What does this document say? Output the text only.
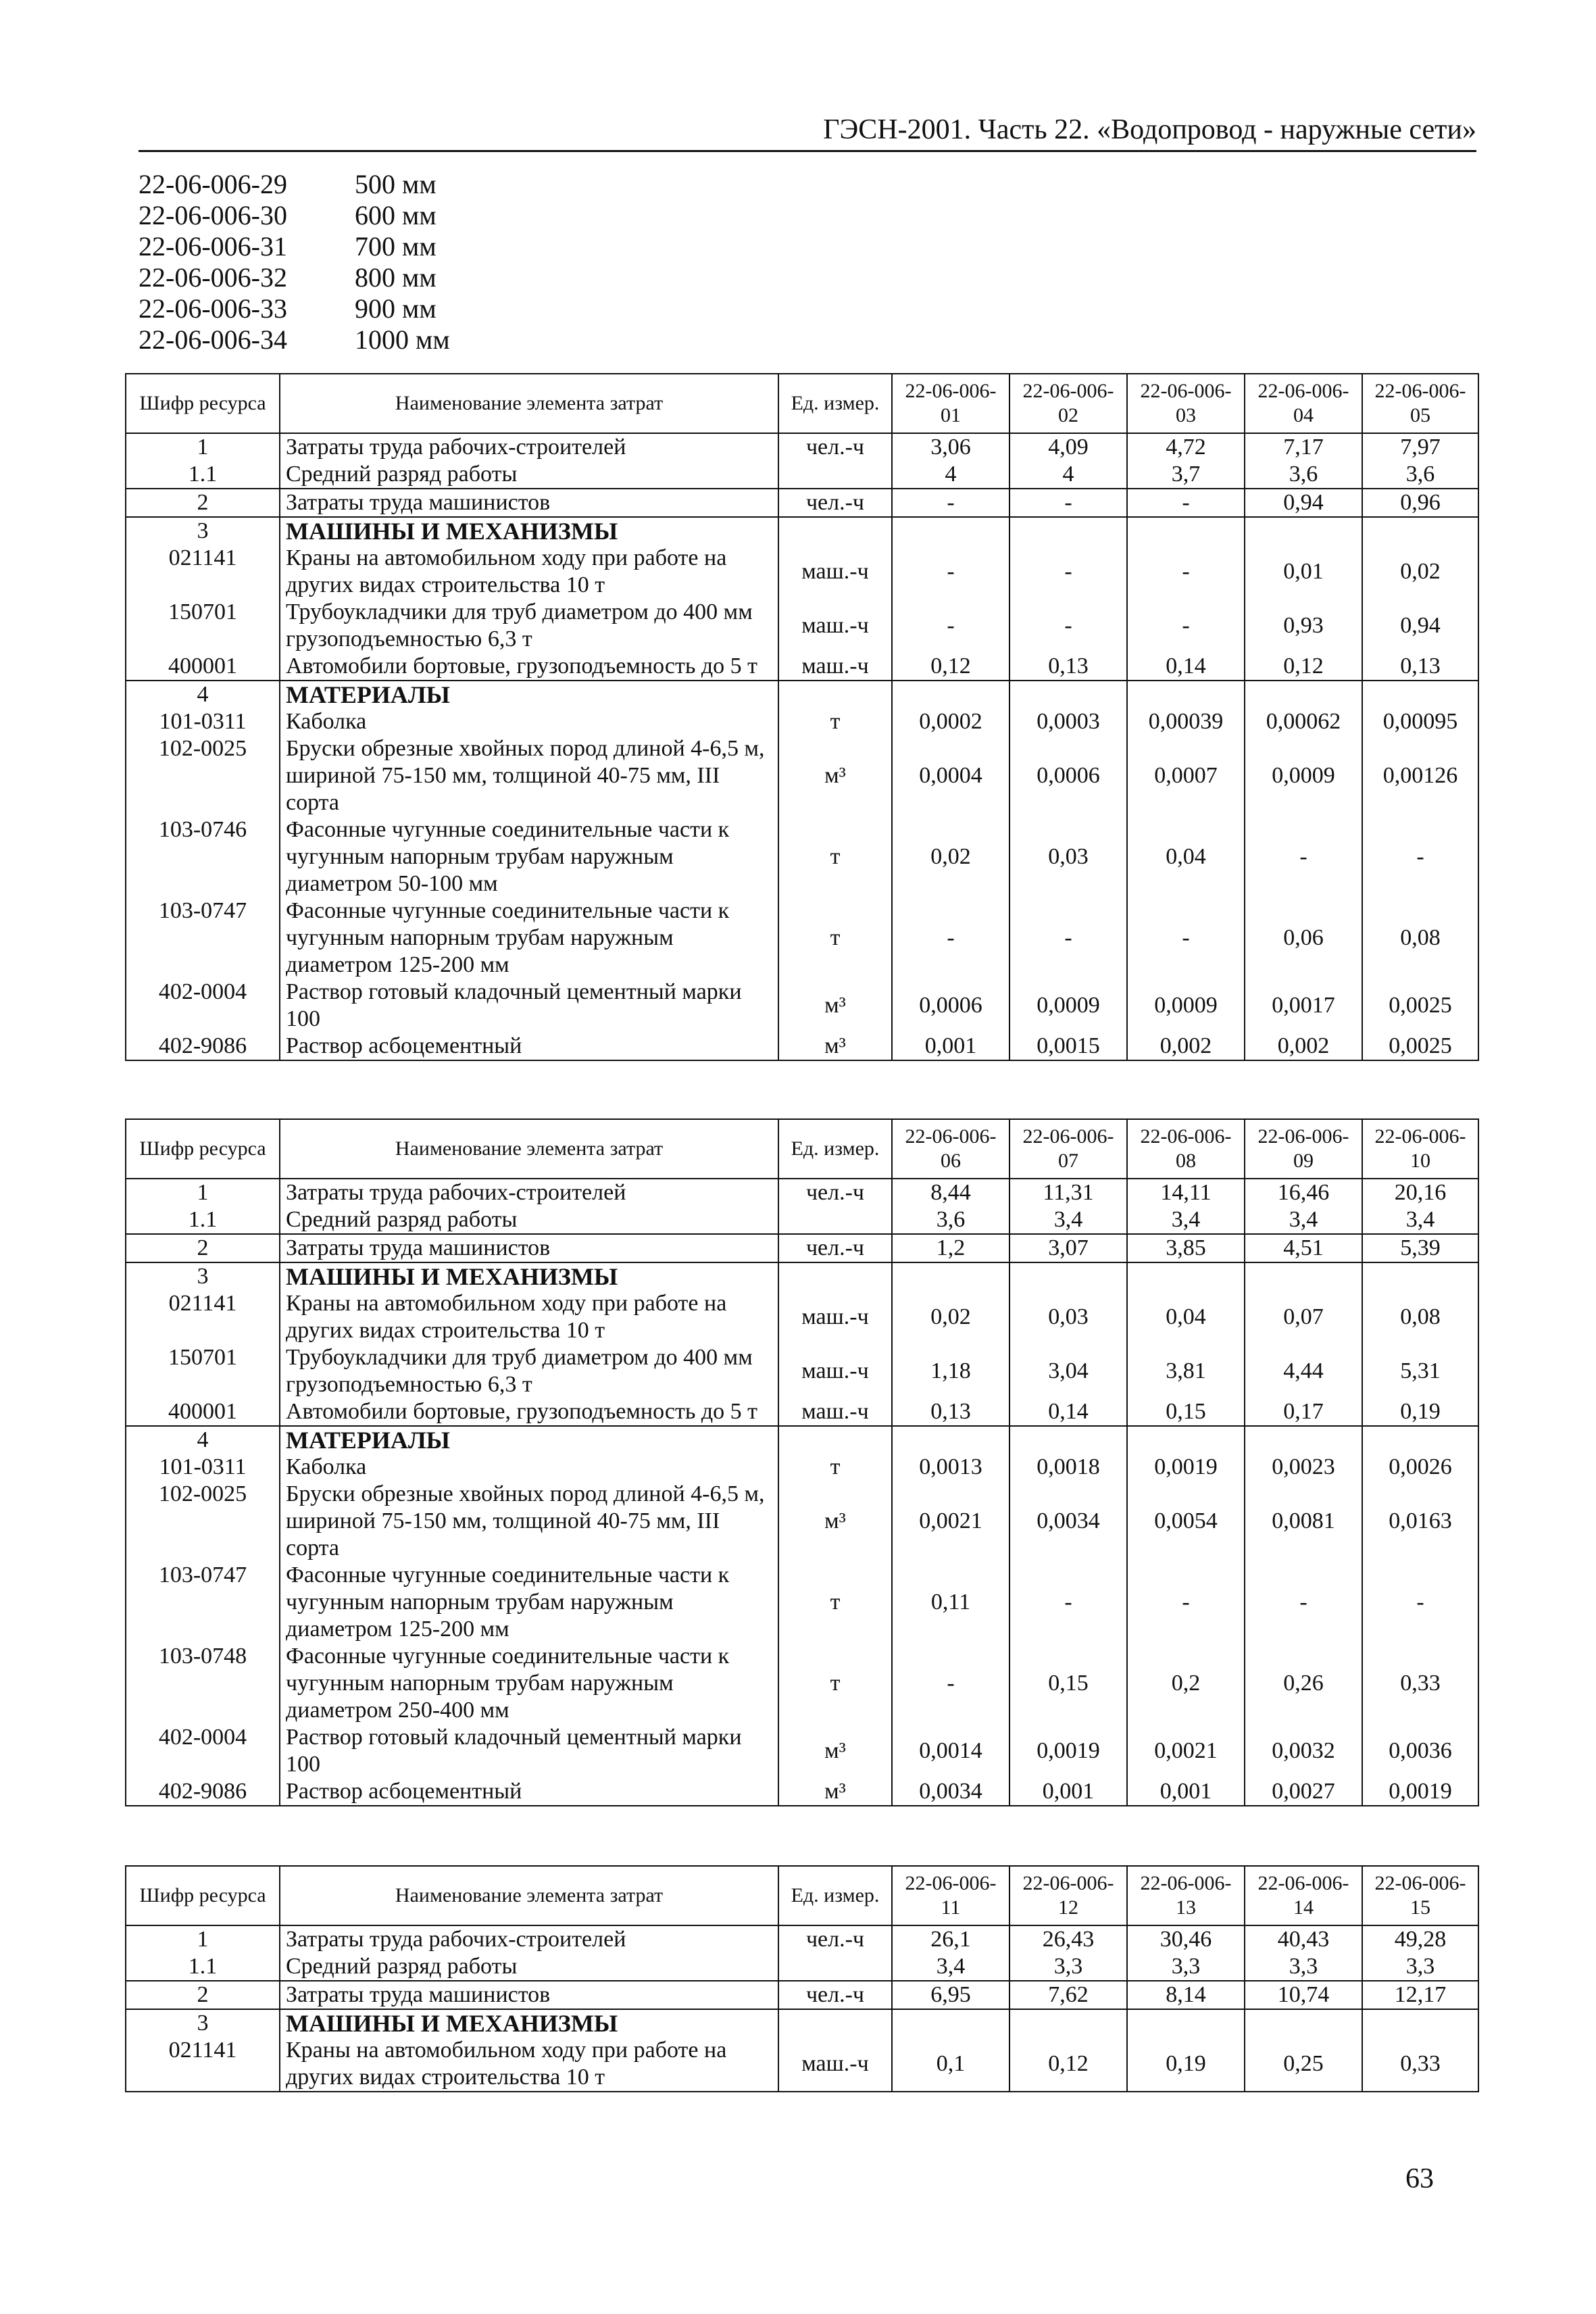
ГЭСН-2001. Часть 22. «Водопровод - наружные сети»
22-06-006-29	500 мм
22-06-006-30	600 мм
22-06-006-31	700 мм
22-06-006-32	800 мм
22-06-006-33	900 мм
22-06-006-34	1000 мм
Шифр ресурса	Наименование элемента затрат	Ед. измер.	22-06-006-01	22-06-006-02	22-06-006-03	22-06-006-04	22-06-006-05
1	Затраты труда рабочих-строителей	чел.-ч	3,06	4,09	4,72	7,17	7,97
1.1	Средний разряд работы		4	4	3,7	3,6	3,6
2	Затраты труда машинистов	чел.-ч	-	-	-	0,94	0,96
3	МАШИНЫ И МЕХАНИЗМЫ						
021141	Краны на автомобильном ходу при работе на других видах строительства 10 т	маш.-ч	-	-	-	0,01	0,02
150701	Трубоукладчики для труб диаметром до 400 мм грузоподъемностью 6,3 т	маш.-ч	-	-	-	0,93	0,94
400001	Автомобили бортовые, грузоподъемность до 5 т	маш.-ч	0,12	0,13	0,14	0,12	0,13
4	МАТЕРИАЛЫ						
101-0311	Каболка	т	0,0002	0,0003	0,00039	0,00062	0,00095
102-0025	Бруски обрезные хвойных пород длиной 4-6,5 м, шириной 75-150 мм, толщиной 40-75 мм, III сорта	м³	0,0004	0,0006	0,0007	0,0009	0,00126
103-0746	Фасонные чугунные соединительные части к чугунным напорным трубам наружным диаметром 50-100 мм	т	0,02	0,03	0,04	-	-
103-0747	Фасонные чугунные соединительные части к чугунным напорным трубам наружным диаметром 125-200 мм	т	-	-	-	0,06	0,08
402-0004	Раствор готовый кладочный цементный марки 100	м³	0,0006	0,0009	0,0009	0,0017	0,0025
402-9086	Раствор асбоцементный	м³	0,001	0,0015	0,002	0,002	0,0025
Шифр ресурса	Наименование элемента затрат	Ед. измер.	22-06-006-06	22-06-006-07	22-06-006-08	22-06-006-09	22-06-006-10
1	Затраты труда рабочих-строителей	чел.-ч	8,44	11,31	14,11	16,46	20,16
1.1	Средний разряд работы		3,6	3,4	3,4	3,4	3,4
2	Затраты труда машинистов	чел.-ч	1,2	3,07	3,85	4,51	5,39
3	МАШИНЫ И МЕХАНИЗМЫ						
021141	Краны на автомобильном ходу при работе на других видах строительства 10 т	маш.-ч	0,02	0,03	0,04	0,07	0,08
150701	Трубоукладчики для труб диаметром до 400 мм грузоподъемностью 6,3 т	маш.-ч	1,18	3,04	3,81	4,44	5,31
400001	Автомобили бортовые, грузоподъемность до 5 т	маш.-ч	0,13	0,14	0,15	0,17	0,19
4	МАТЕРИАЛЫ						
101-0311	Каболка	т	0,0013	0,0018	0,0019	0,0023	0,0026
102-0025	Бруски обрезные хвойных пород длиной 4-6,5 м, шириной 75-150 мм, толщиной 40-75 мм, III сорта	м³	0,0021	0,0034	0,0054	0,0081	0,0163
103-0747	Фасонные чугунные соединительные части к чугунным напорным трубам наружным диаметром 125-200 мм	т	0,11	-	-	-	-
103-0748	Фасонные чугунные соединительные части к чугунным напорным трубам наружным диаметром 250-400 мм	т	-	0,15	0,2	0,26	0,33
402-0004	Раствор готовый кладочный цементный марки 100	м³	0,0014	0,0019	0,0021	0,0032	0,0036
402-9086	Раствор асбоцементный	м³	0,0034	0,001	0,001	0,0027	0,0019
Шифр ресурса	Наименование элемента затрат	Ед. измер.	22-06-006-11	22-06-006-12	22-06-006-13	22-06-006-14	22-06-006-15
1	Затраты труда рабочих-строителей	чел.-ч	26,1	26,43	30,46	40,43	49,28
1.1	Средний разряд работы		3,4	3,3	3,3	3,3	3,3
2	Затраты труда машинистов	чел.-ч	6,95	7,62	8,14	10,74	12,17
3	МАШИНЫ И МЕХАНИЗМЫ						
021141	Краны на автомобильном ходу при работе на других видах строительства 10 т	маш.-ч	0,1	0,12	0,19	0,25	0,33
63
